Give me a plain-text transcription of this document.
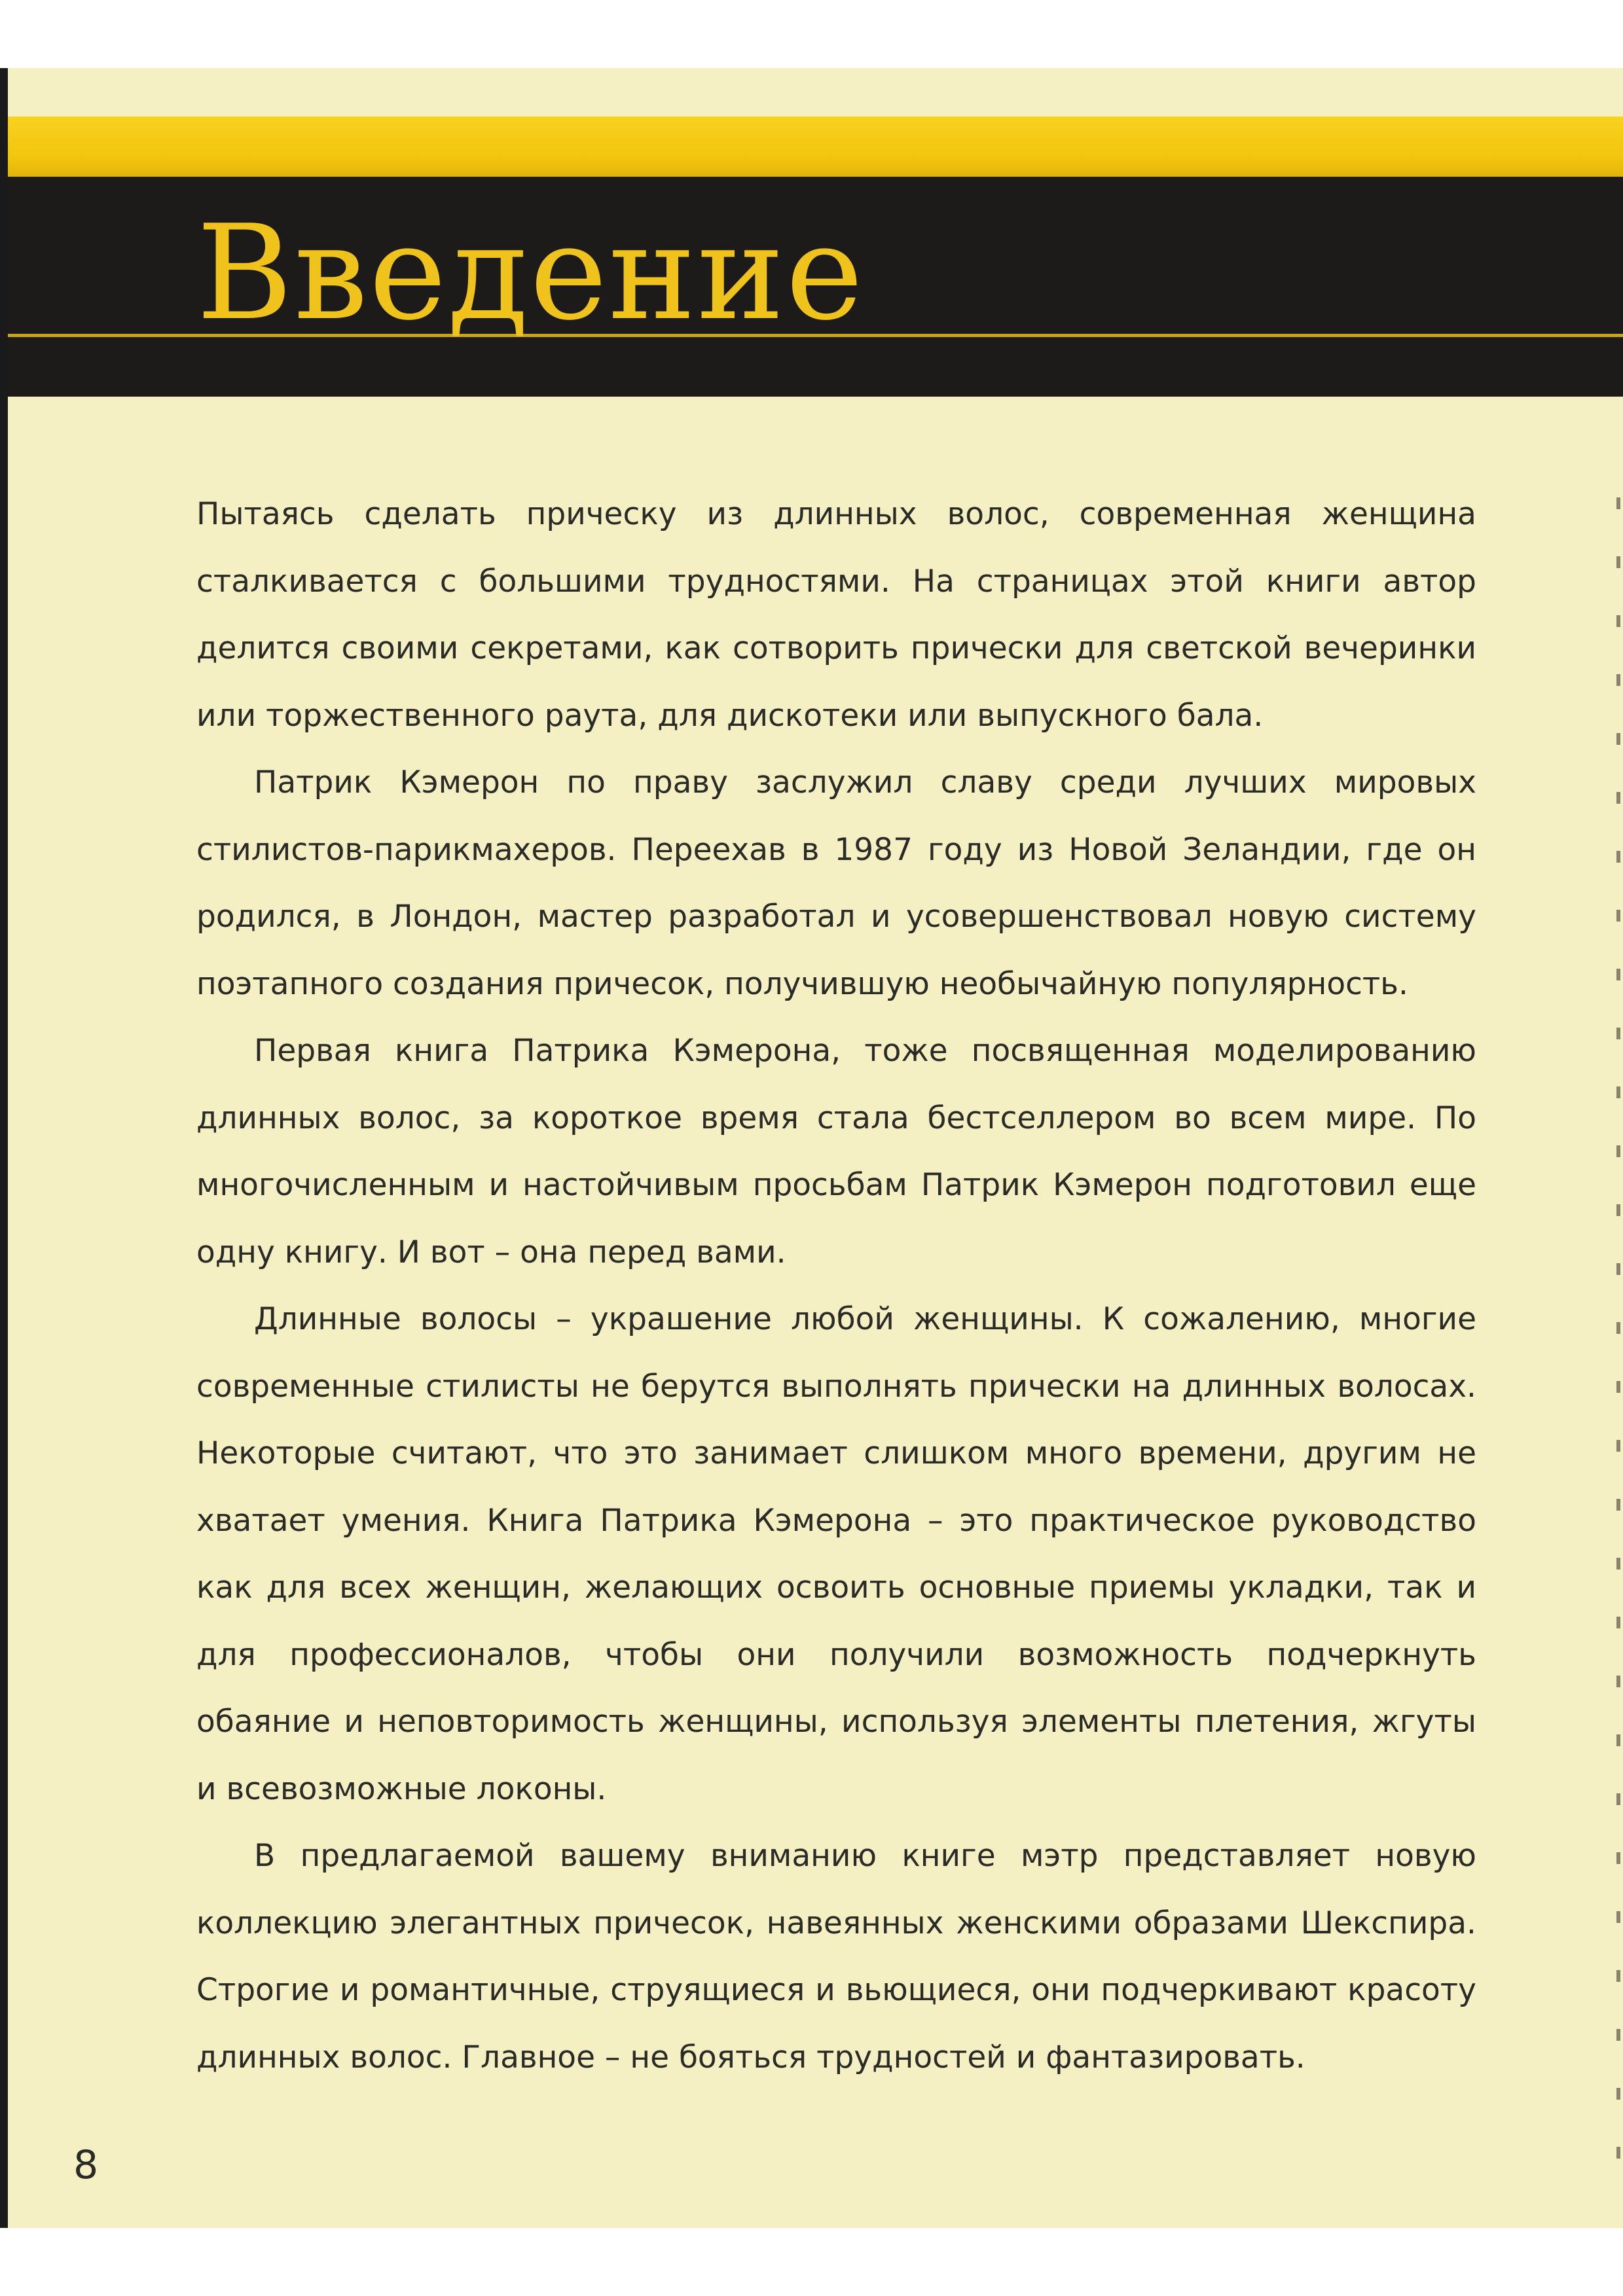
Введение

Пытаясь сделать прическу из длинных волос, современная женщина сталкивается с большими трудностями. На страницах этой книги автор делится своими секретами, как сотворить прически для светской вечеринки или торжественного раута, для дискотеки или выпускного бала.

Патрик Кэмерон по праву заслужил славу среди лучших мировых стилистов-парикмахеров. Переехав в 1987 году из Новой Зеландии, где он родился, в Лондон, мастер разработал и усовершенствовал новую систему поэтапного создания причесок, получившую необычайную популярность.

Первая книга Патрика Кэмерона, тоже посвященная моделированию длинных волос, за короткое время стала бестселлером во всем мире. По многочисленным и настойчивым просьбам Патрик Кэмерон подготовил еще одну книгу. И вот – она перед вами.

Длинные волосы – украшение любой женщины. К сожалению, многие современные стилисты не берутся выполнять прически на длинных волосах. Некоторые считают, что это занимает слишком много времени, другим не хватает умения. Книга Патрика Кэмерона – это практическое руководство как для всех женщин, желающих освоить основные приемы укладки, так и для профессионалов, чтобы они получили возможность подчеркнуть обаяние и неповторимость женщины, используя элементы плетения, жгуты и всевозможные локоны.

В предлагаемой вашему вниманию книге мэтр представляет новую коллекцию элегантных причесок, навеянных женскими образами Шекспира. Строгие и романтичные, струящиеся и вьющиеся, они подчеркивают красоту длинных волос. Главное – не бояться трудностей и фантазировать.

8
